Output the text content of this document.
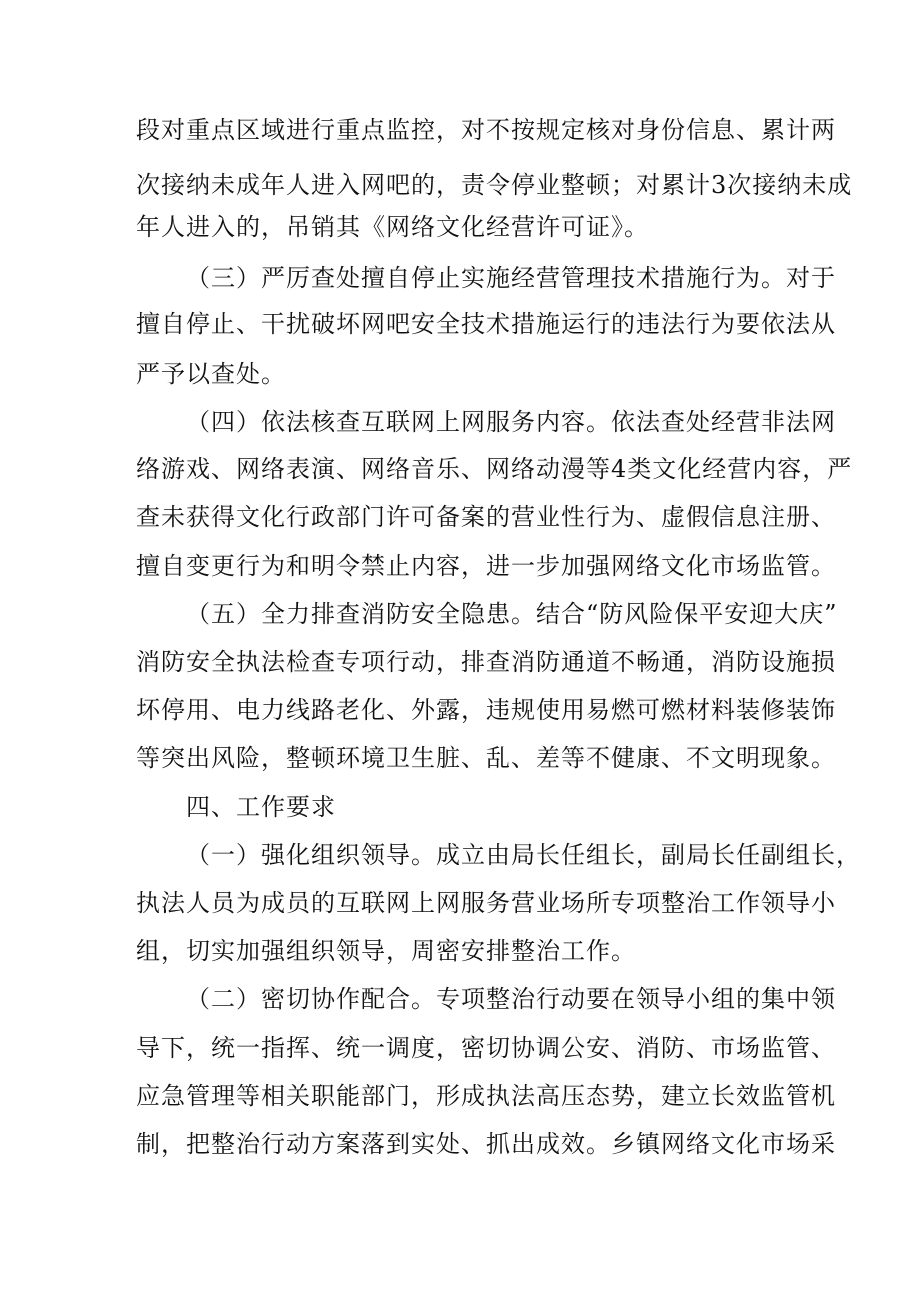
段对重点区域进行重点监控，对不按规定核对身份信息、累计两
次接纳未成年人进入网吧的，责令停业整顿；对累计3次接纳未成
年人进入的，吊销其《网络文化经营许可证》。
（三）严厉查处擅自停止实施经营管理技术措施行为。对于
擅自停止、干扰破坏网吧安全技术措施运行的违法行为要依法从
严予以查处。
（四）依法核查互联网上网服务内容。依法查处经营非法网
络游戏、网络表演、网络音乐、网络动漫等4类文化经营内容，严
查未获得文化行政部门许可备案的营业性行为、虚假信息注册、
擅自变更行为和明令禁止内容，进一步加强网络文化市场监管。
（五）全力排查消防安全隐患。结合“防风险保平安迎大庆”
消防安全执法检查专项行动，排查消防通道不畅通，消防设施损
坏停用、电力线路老化、外露，违规使用易燃可燃材料装修装饰
等突出风险，整顿环境卫生脏、乱、差等不健康、不文明现象。
四、工作要求
（一）强化组织领导。成立由局长任组长，副局长任副组长，
执法人员为成员的互联网上网服务营业场所专项整治工作领导小
组，切实加强组织领导，周密安排整治工作。
（二）密切协作配合。专项整治行动要在领导小组的集中领
导下，统一指挥、统一调度，密切协调公安、消防、市场监管、
应急管理等相关职能部门，形成执法高压态势，建立长效监管机
制，把整治行动方案落到实处、抓出成效。乡镇网络文化市场采
